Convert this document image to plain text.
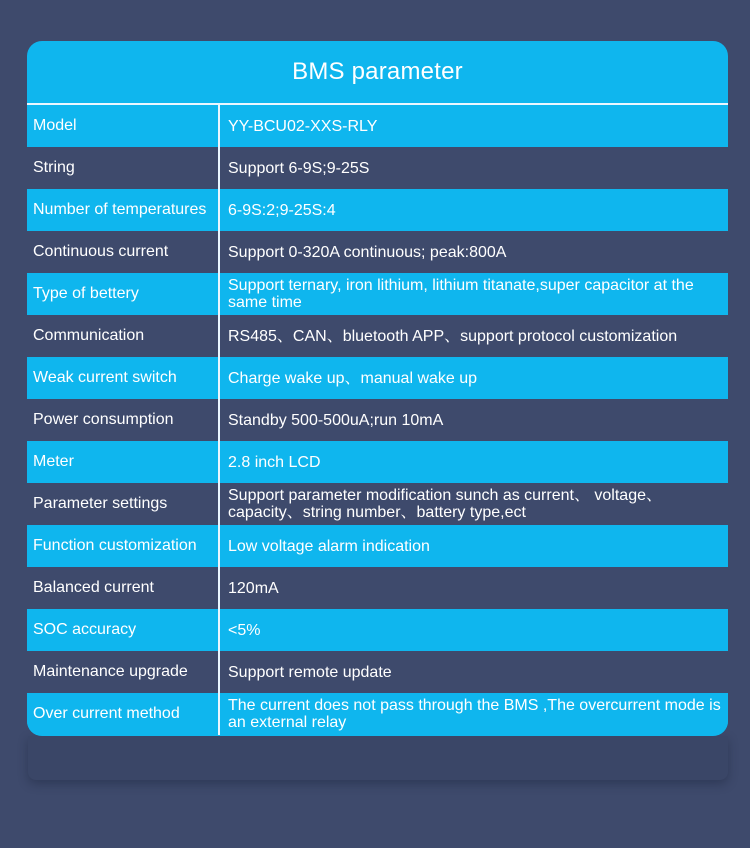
BMS parameter
Model	YY-BCU02-XXS-RLY
String	Support 6-9S;9-25S
Number of temperatures	6-9S:2;9-25S:4
Continuous current	Support 0-320A continuous; peak:800A
Type of bettery	Support ternary, iron lithium, lithium titanate,super capacitor at the same time
Communication	RS485、CAN、bluetooth APP、support protocol customization
Weak current switch	Charge wake up、manual wake up
Power consumption	Standby 500-500uA;run 10mA
Meter	2.8 inch LCD
Parameter settings	Support parameter modification sunch as current、 voltage、capacity、string number、battery type,ect
Function customization	Low voltage alarm indication
Balanced current	120mA
SOC accuracy	<5%
Maintenance upgrade	Support remote update
Over current method	The current does not pass through the BMS ,The overcurrent mode is an external relay
